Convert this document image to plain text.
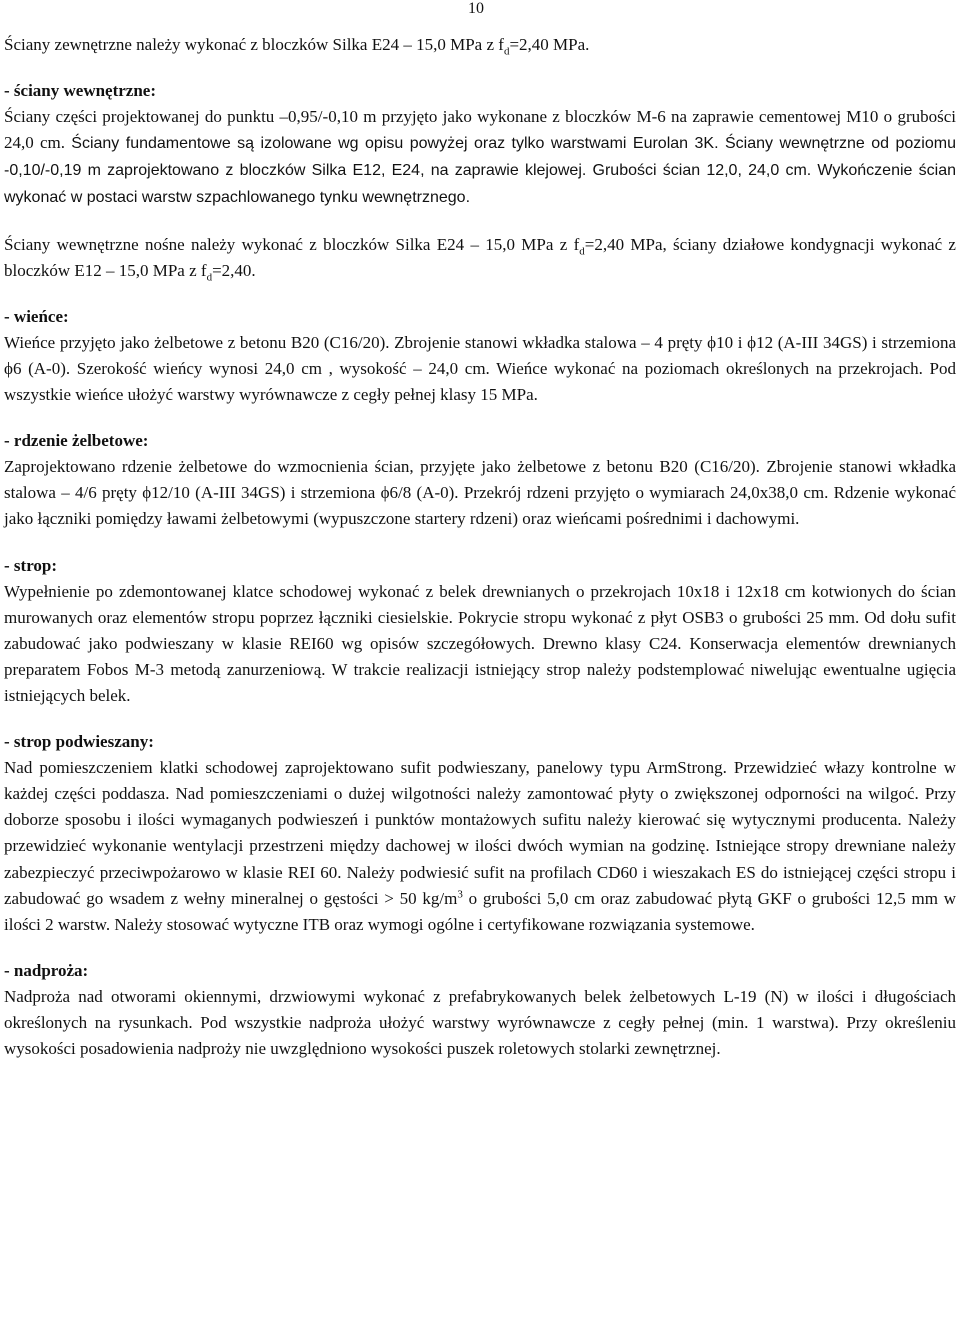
10

Ściany zewnętrzne należy wykonać z bloczków Silka E24 – 15,0 MPa z $f_d=2,40$ MPa.

- ściany wewnętrzne:
Ściany części projektowanej do punktu –0,95/-0,10 m przyjęto jako wykonane z bloczków M-6 na zaprawie cementowej M10 o grubości 24,0 cm. Ściany fundamentowe są izolowane wg opisu powyżej oraz tylko warstwami Eurolan 3K. Ściany wewnętrzne od poziomu -0,10/-0,19 m zaprojektowano z bloczków Silka E12, E24, na zaprawie klejowej. Grubości ścian 12,0, 24,0 cm. Wykończenie ścian wykonać w postaci warstw szpachlowanego tynku wewnętrznego.

Ściany wewnętrzne nośne należy wykonać z bloczków Silka E24 – 15,0 MPa z $f_d=2,40$ MPa, ściany działowe kondygnacji wykonać z bloczków E12 – 15,0 MPa z $f_d=2,40$.

- wieńce:
Wieńce przyjęto jako żelbetowe z betonu B20 (C16/20). Zbrojenie stanowi wkładka stalowa – 4 pręty ϕ10 i ϕ12 (A-III 34GS) i strzemiona ϕ6 (A-0). Szerokość wieńcy wynosi 24,0 cm , wysokość – 24,0 cm. Wieńce wykonać na poziomach określonych na przekrojach. Pod wszystkie wieńce ułożyć warstwy wyrównawcze z cegły pełnej klasy 15 MPa.

- rdzenie żelbetowe:
Zaprojektowano rdzenie żelbetowe do wzmocnienia ścian, przyjęte jako żelbetowe z betonu B20 (C16/20). Zbrojenie stanowi wkładka stalowa – 4/6 pręty ϕ12/10 (A-III 34GS) i strzemiona ϕ6/8 (A-0). Przekrój rdzeni przyjęto o wymiarach 24,0x38,0 cm. Rdzenie wykonać jako łączniki pomiędzy ławami żelbetowymi (wypuszczone startery rdzeni) oraz wieńcami pośrednimi i dachowymi.

- strop:
Wypełnienie po zdemontowanej klatce schodowej wykonać z belek drewnianych o przekrojach 10x18 i 12x18 cm kotwionych do ścian murowanych oraz elementów stropu poprzez łączniki ciesielskie. Pokrycie stropu wykonać z płyt OSB3 o grubości 25 mm. Od dołu sufit zabudować jako podwieszany w klasie REI60 wg opisów szczegółowych. Drewno klasy C24. Konserwacja elementów drewnianych preparatem Fobos M-3 metodą zanurzeniową. W trakcie realizacji istniejący strop należy podstemplować niwelując ewentualne ugięcia istniejących belek.

- strop podwieszany:
Nad pomieszczeniem klatki schodowej zaprojektowano sufit podwieszany, panelowy typu ArmStrong. Przewidzieć włazy kontrolne w każdej części poddasza. Nad pomieszczeniami o dużej wilgotności należy zamontować płyty o zwiększonej odporności na wilgoć. Przy doborze sposobu i ilości wymaganych podwieszeń i punktów montażowych sufitu należy kierować się wytycznymi producenta. Należy przewidzieć wykonanie wentylacji przestrzeni między dachowej w ilości dwóch wymian na godzinę. Istniejące stropy drewniane należy zabezpieczyć przeciwpożarowo w klasie REI 60. Należy podwiesić sufit na profilach CD60 i wieszakach ES do istniejącej części stropu i zabudować go wsadem z wełny mineralnej o gęstości > 50 $kg/m^3$ o grubości 5,0 cm oraz zabudować płytą GKF o grubości 12,5 mm w ilości 2 warstw. Należy stosować wytyczne ITB oraz wymogi ogólne i certyfikowane rozwiązania systemowe.

- nadproża:
Nadproża nad otworami okiennymi, drzwiowymi wykonać z prefabrykowanych belek żelbetowych L-19 (N) w ilości i długościach określonych na rysunkach. Pod wszystkie nadproża ułożyć warstwy wyrównawcze z cegły pełnej (min. 1 warstwa). Przy określeniu wysokości posadowienia nadproży nie uwzględniono wysokości puszek roletowych stolarki zewnętrznej.
